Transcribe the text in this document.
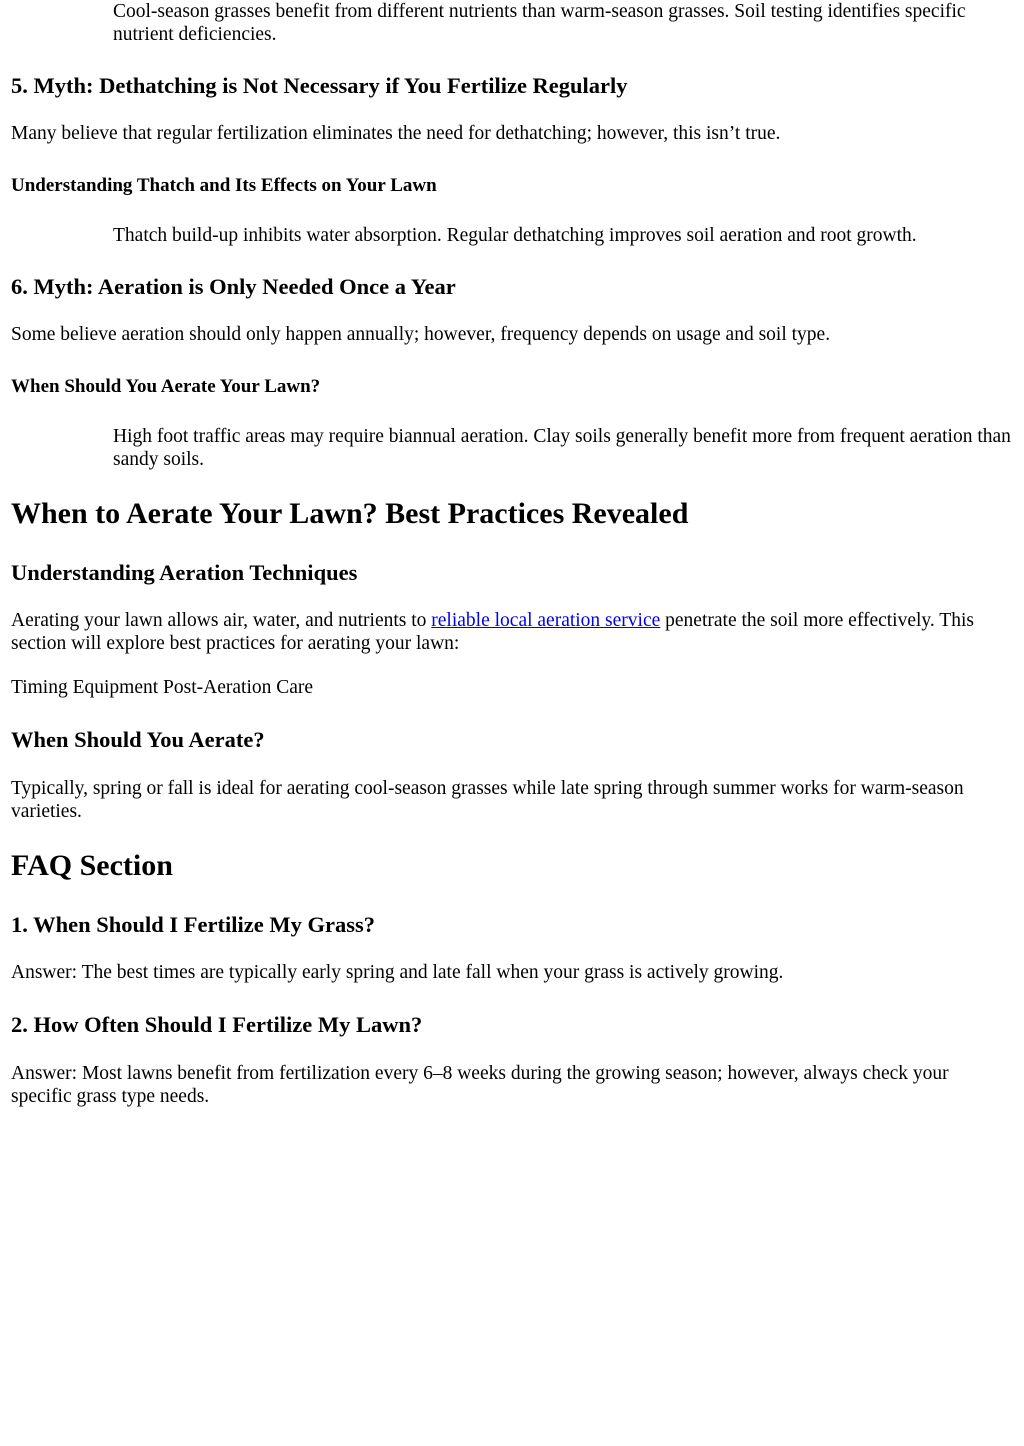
Cool-season grasses benefit from different nutrients than warm-season grasses. Soil testing identifies specific nutrient deficiencies.

5. Myth: Dethatching is Not Necessary if You Fertilize Regularly

Many believe that regular fertilization eliminates the need for dethatching; however, this isn’t true.

Understanding Thatch and Its Effects on Your Lawn

Thatch build-up inhibits water absorption. Regular dethatching improves soil aeration and root growth.

6. Myth: Aeration is Only Needed Once a Year

Some believe aeration should only happen annually; however, frequency depends on usage and soil type.

When Should You Aerate Your Lawn?

High foot traffic areas may require biannual aeration. Clay soils generally benefit more from frequent aeration than sandy soils.

When to Aerate Your Lawn? Best Practices Revealed
Understanding Aeration Techniques

Aerating your lawn allows air, water, and nutrients to reliable local aeration service penetrate the soil more effectively. This section will explore best practices for aerating your lawn:

Timing Equipment Post-Aeration Care

When Should You Aerate?

Typically, spring or fall is ideal for aerating cool-season grasses while late spring through summer works for warm-season varieties.

FAQ Section
1. When Should I Fertilize My Grass?

Answer: The best times are typically early spring and late fall when your grass is actively growing.

2. How Often Should I Fertilize My Lawn?

Answer: Most lawns benefit from fertilization every 6–8 weeks during the growing season; however, always check your specific grass type needs.
